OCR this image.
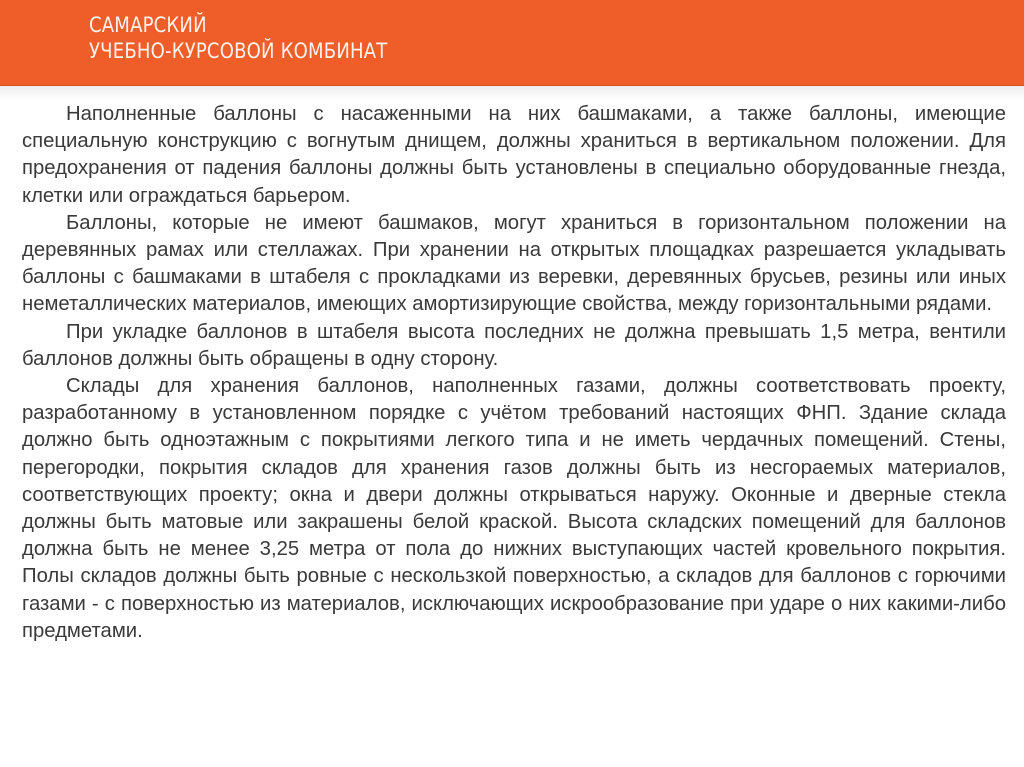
САМАРСКИЙ
УЧЕБНО-КУРСОВОЙ КОМБИНАТ

Наполненные баллоны с насаженными на них башмаками, а также баллоны, имеющие специальную конструкцию с вогнутым днищем, должны храниться в вертикальном положении. Для предохранения от падения баллоны должны быть установлены в специально оборудованные гнезда, клетки или ограждаться барьером.

Баллоны, которые не имеют башмаков, могут храниться в горизонтальном положении на деревянных рамах или стеллажах. При хранении на открытых площадках разрешается укладывать баллоны с башмаками в штабеля с прокладками из веревки, деревянных брусьев, резины или иных неметаллических материалов, имеющих амортизирующие свойства, между горизонтальными рядами.

При укладке баллонов в штабеля высота последних не должна превышать 1,5 метра, вентили баллонов должны быть обращены в одну сторону.

Склады для хранения баллонов, наполненных газами, должны соответствовать проекту, разработанному в установленном порядке с учётом требований настоящих ФНП. Здание склада должно быть одноэтажным с покрытиями легкого типа и не иметь чердачных помещений. Стены, перегородки, покрытия складов для хранения газов должны быть из несгораемых материалов, соответствующих проекту; окна и двери должны открываться наружу. Оконные и дверные стекла должны быть матовые или закрашены белой краской. Высота складских помещений для баллонов должна быть не менее 3,25 метра от пола до нижних выступающих частей кровельного покрытия. Полы складов должны быть ровные с нескользкой поверхностью, а складов для баллонов с горючими газами - с поверхностью из материалов, исключающих искрообразование при ударе о них какими-либо предметами.
